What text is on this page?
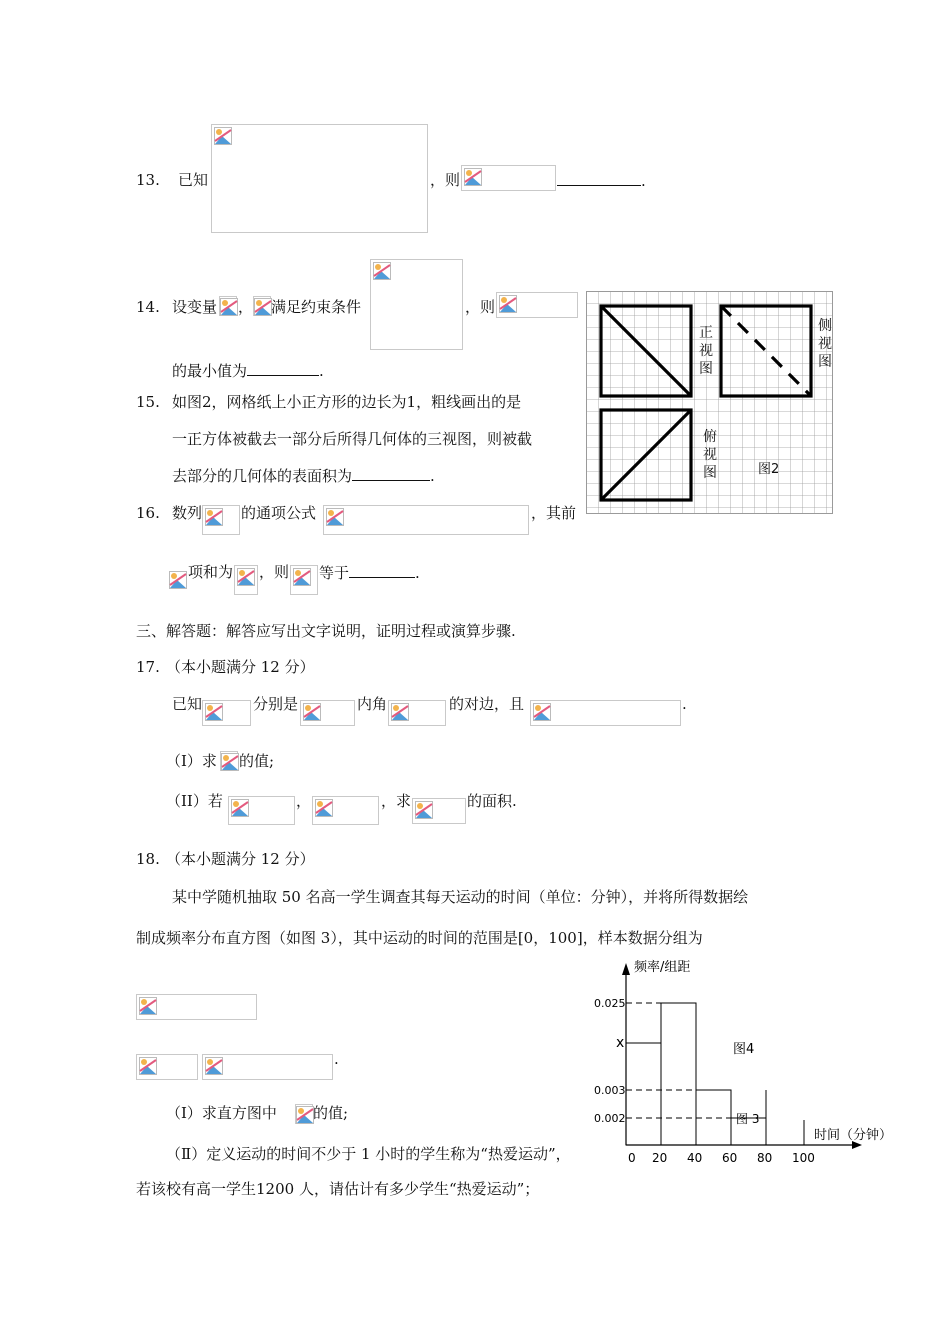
13. 已知	，则	.
14. 设变量 ， 满足约束条件	，则
的最小值为	.
15. 如图2，网格纸上小正方形的边长为1，粗线画出的是
一正方体被截去一部分后所得几何体的三视图，则被截
去部分的几何体的表面积为	.
正视图
侧视图
俯视图	图2
16. 数列	的通项公式	，其前
项和为 ，则 等于	.
三、解答题：解答应写出文字说明，证明过程或演算步骤.
17. （本小题满分 12 分）
已知	分别是	内角	的对边，且	.
（I）求 的值;
（II）若	，	，求	的面积.
18. （本小题满分 12 分）
某中学随机抽取 50 名高一学生调查其每天运动的时间（单位：分钟），并将所得数据绘
制成频率分布直方图（如图 3），其中运动的时间的范围是[0，100]，样本数据分组为
.
（Ⅰ）求直方图中 的值;
（Ⅱ）定义运动的时间不少于 1 小时的学生称为“热爱运动”，
若该校有高一学生1200 人，请估计有多少学生“热爱运动”；
频率/组距
时间（分钟）
0 20 40 60 80 100
0.025
x
0.003
0.002
图4
图 3
